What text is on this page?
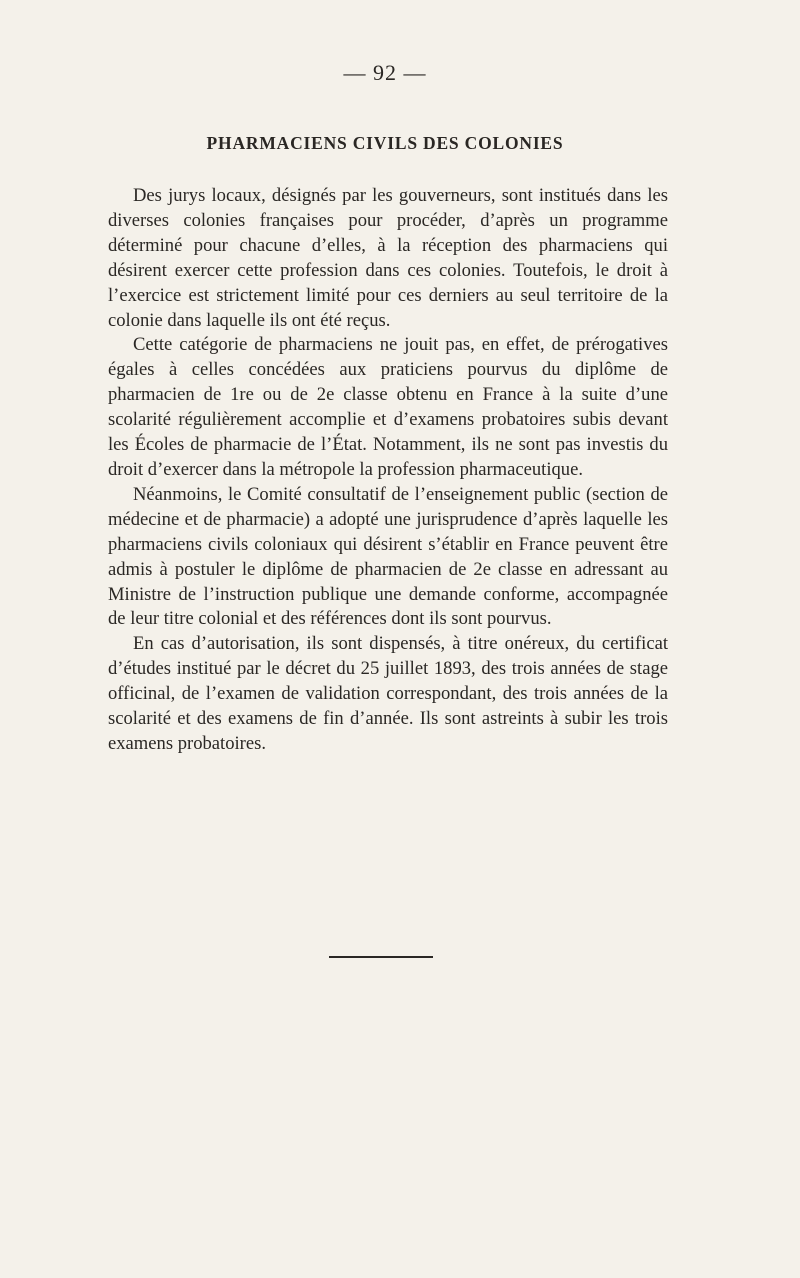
— 92 —
PHARMACIENS CIVILS DES COLONIES

Des jurys locaux, désignés par les gouverneurs, sont institués dans les diverses colonies françaises pour procéder, d’après un programme déterminé pour chacune d’elles, à la réception des pharmaciens qui désirent exercer cette profession dans ces colonies. Toutefois, le droit à l’exercice est strictement limité pour ces derniers au seul territoire de la colonie dans laquelle ils ont été reçus.

Cette catégorie de pharmaciens ne jouit pas, en effet, de prérogatives égales à celles concédées aux praticiens pourvus du diplôme de pharmacien de 1re ou de 2e classe obtenu en France à la suite d’une scolarité régulièrement accomplie et d’examens probatoires subis devant les Écoles de pharmacie de l’État. Notamment, ils ne sont pas investis du droit d’exercer dans la métropole la profession pharmaceutique.

Néanmoins, le Comité consultatif de l’enseignement public (section de médecine et de pharmacie) a adopté une jurisprudence d’après laquelle les pharmaciens civils coloniaux qui désirent s’établir en France peuvent être admis à postuler le diplôme de pharmacien de 2e classe en adressant au Ministre de l’instruction publique une demande conforme, accompagnée de leur titre colonial et des références dont ils sont pourvus.

En cas d’autorisation, ils sont dispensés, à titre onéreux, du certificat d’études institué par le décret du 25 juillet 1893, des trois années de stage officinal, de l’examen de validation correspondant, des trois années de la scolarité et des examens de fin d’année. Ils sont astreints à subir les trois examens probatoires.
